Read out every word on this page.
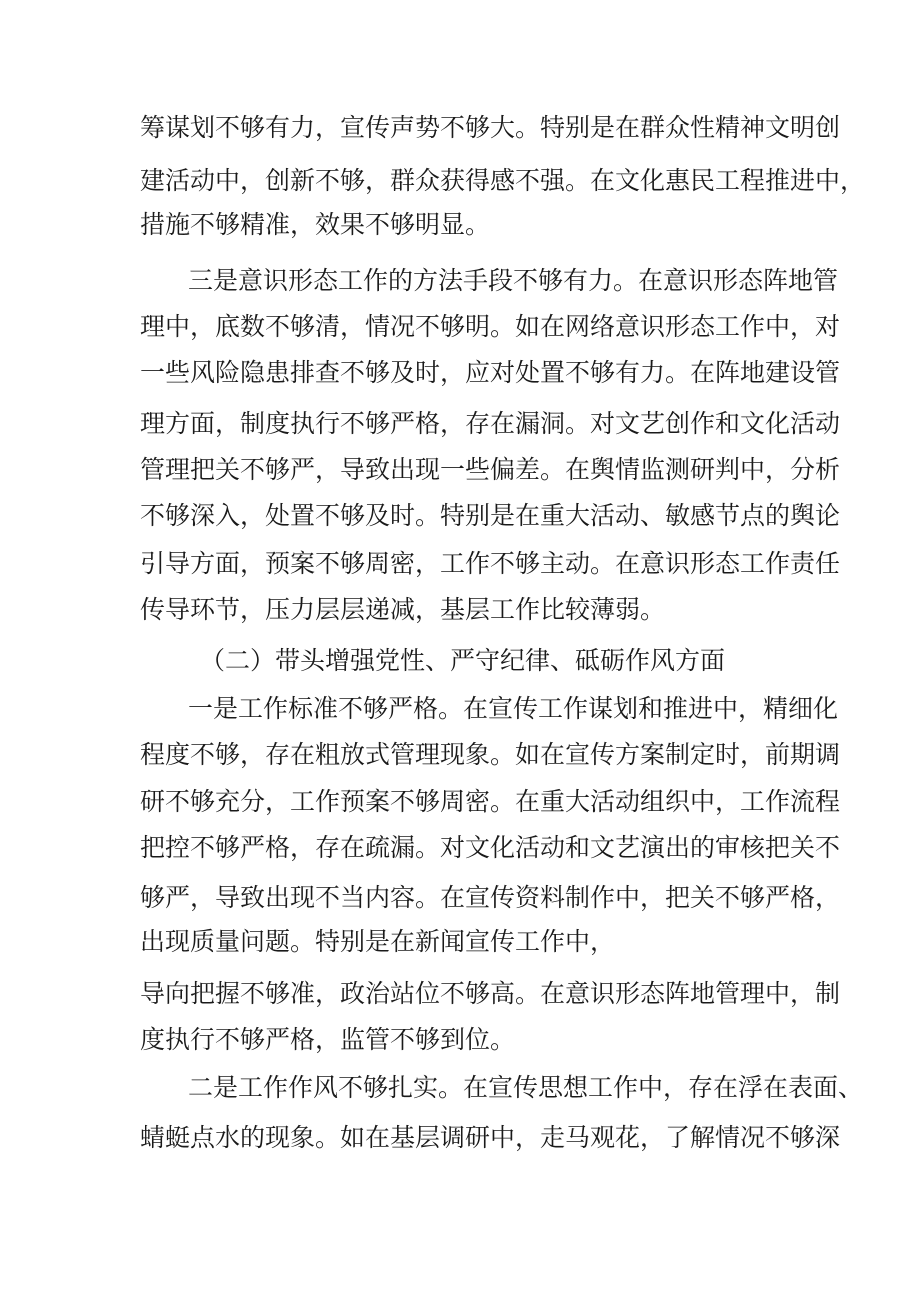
筹谋划不够有力，宣传声势不够大。特别是在群众性精神文明创
建活动中，创新不够，群众获得感不强。在文化惠民工程推进中，
措施不够精准，效果不够明显。
三是意识形态工作的方法手段不够有力。在意识形态阵地管
理中，底数不够清，情况不够明。如在网络意识形态工作中，对
一些风险隐患排查不够及时，应对处置不够有力。在阵地建设管
理方面，制度执行不够严格，存在漏洞。对文艺创作和文化活动
管理把关不够严，导致出现一些偏差。在舆情监测研判中，分析
不够深入，处置不够及时。特别是在重大活动、敏感节点的舆论
引导方面，预案不够周密，工作不够主动。在意识形态工作责任
传导环节，压力层层递减，基层工作比较薄弱。
（二）带头增强党性、严守纪律、砥砺作风方面
一是工作标准不够严格。在宣传工作谋划和推进中，精细化
程度不够，存在粗放式管理现象。如在宣传方案制定时，前期调
研不够充分，工作预案不够周密。在重大活动组织中，工作流程
把控不够严格，存在疏漏。对文化活动和文艺演出的审核把关不
够严，导致出现不当内容。在宣传资料制作中，把关不够严格，
出现质量问题。特别是在新闻宣传工作中，
导向把握不够准，政治站位不够高。在意识形态阵地管理中，制
度执行不够严格，监管不够到位。
二是工作作风不够扎实。在宣传思想工作中，存在浮在表面、
蜻蜓点水的现象。如在基层调研中，走马观花，了解情况不够深
